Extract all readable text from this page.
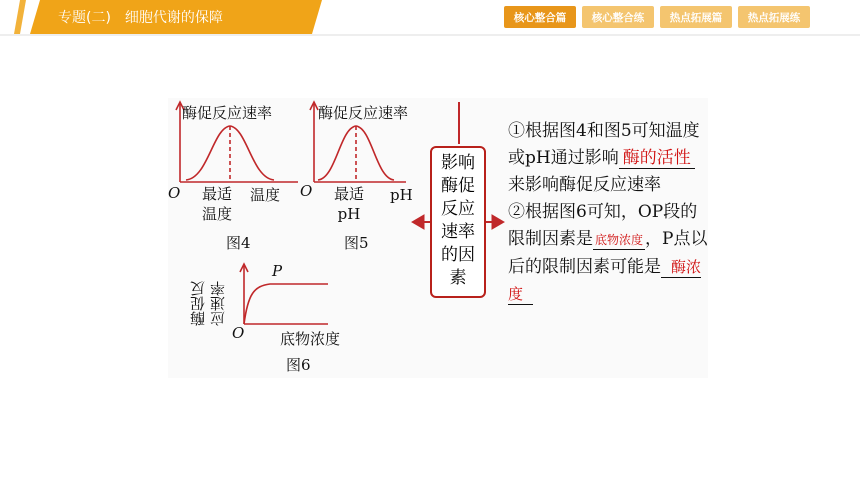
专题(二)　细胞代谢的保障	核心整合篇	核心整合练	热点拓展篇	热点拓展练
酶促反应速率
O 最适
温度
温度
图4
酶促反应速率
O 最适
pH
pH
图5
酶促反
应速率
O
P
底物浓度
图6
影响
酶促
反应
速率
的因
素
①根据图4和图5可知温度或pH通过影响 酶的活性来影响酶促反应速率
②根据图6可知，OP段的限制因素是 底物浓度 ，P点以后的限制因素可能是 酶浓度
